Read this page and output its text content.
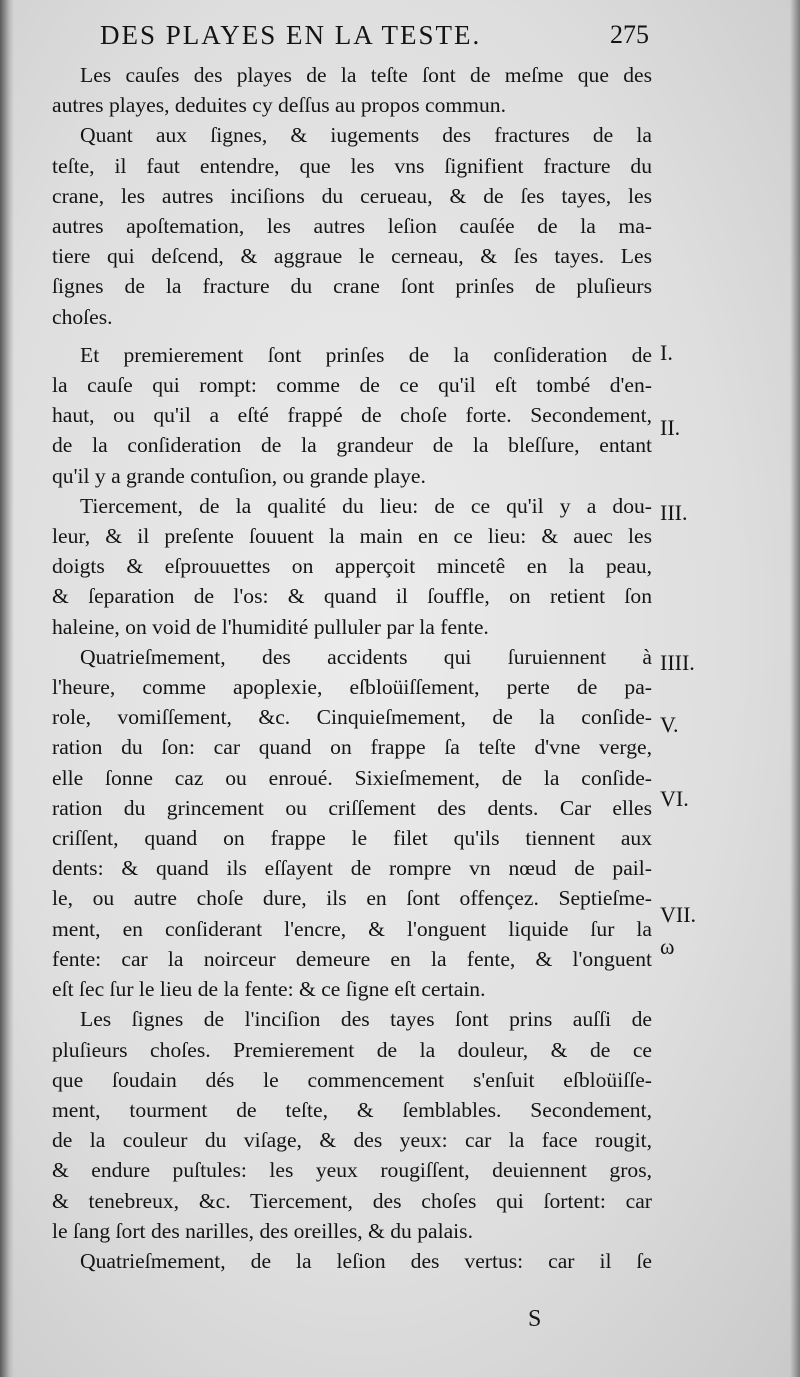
DES PLAYES EN LA TESTE.	275
Les cauſes des playes de la teſte ſont de meſme que des
autres playes, deduites cy deſſus au propos commun.
Quant aux ſignes, & iugements des fractures de la
teſte, il faut entendre, que les vns ſignifient fracture du
crane, les autres inciſions du cerueau, & de ſes tayes, les
autres apoſtemation, les autres leſion cauſée de la ma-
tiere qui deſcend, & aggraue le cerneau, & ſes tayes. Les
ſignes de la fracture du crane ſont prinſes de pluſieurs
choſes.
Et premierement ſont prinſes de la conſideration de
la cauſe qui rompt: comme de ce qu'il eſt tombé d'en-
haut, ou qu'il a eſté frappé de choſe forte. Secondement,
de la conſideration de la grandeur de la bleſſure, entant
qu'il y a grande contuſion, ou grande playe.
Tiercement, de la qualité du lieu: de ce qu'il y a dou-
leur, & il preſente ſouuent la main en ce lieu: & auec les
doigts & eſprouuettes on apperçoit mincetê en la peau,
& ſeparation de l'os: & quand il ſouffle, on retient ſon
haleine, on void de l'humidité pulluler par la fente.
Quatrieſmement, des accidents qui ſuruiennent à
l'heure, comme apoplexie, eſbloüiſſement, perte de pa-
role, vomiſſement, &c. Cinquieſmement, de la conſide-
ration du ſon: car quand on frappe ſa teſte d'vne verge,
elle ſonne caz ou enroué. Sixieſmement, de la conſide-
ration du grincement ou criſſement des dents. Car elles
criſſent, quand on frappe le filet qu'ils tiennent aux
dents: & quand ils eſſayent de rompre vn nœud de pail-
le, ou autre choſe dure, ils en ſont offençez. Septieſme-
ment, en conſiderant l'encre, & l'onguent liquide ſur la
fente: car la noirceur demeure en la fente, & l'onguent
eſt ſec ſur le lieu de la fente: & ce ſigne eſt certain.
Les ſignes de l'inciſion des tayes ſont prins auſſi de
pluſieurs choſes. Premierement de la douleur, & de ce
que ſoudain dés le commencement s'enſuit eſbloüiſſe-
ment, tourment de teſte, & ſemblables. Secondement,
de la couleur du viſage, & des yeux: car la face rougit,
& endure puſtules: les yeux rougiſſent, deuiennent gros,
& tenebreux, &c. Tiercement, des choſes qui ſortent: car
le ſang ſort des narilles, des oreilles, & du palais.
Quatrieſmement, de la leſion des vertus: car il ſe
I.
II.
III.
IIII.
V.
VI.
VII.
ω
S
